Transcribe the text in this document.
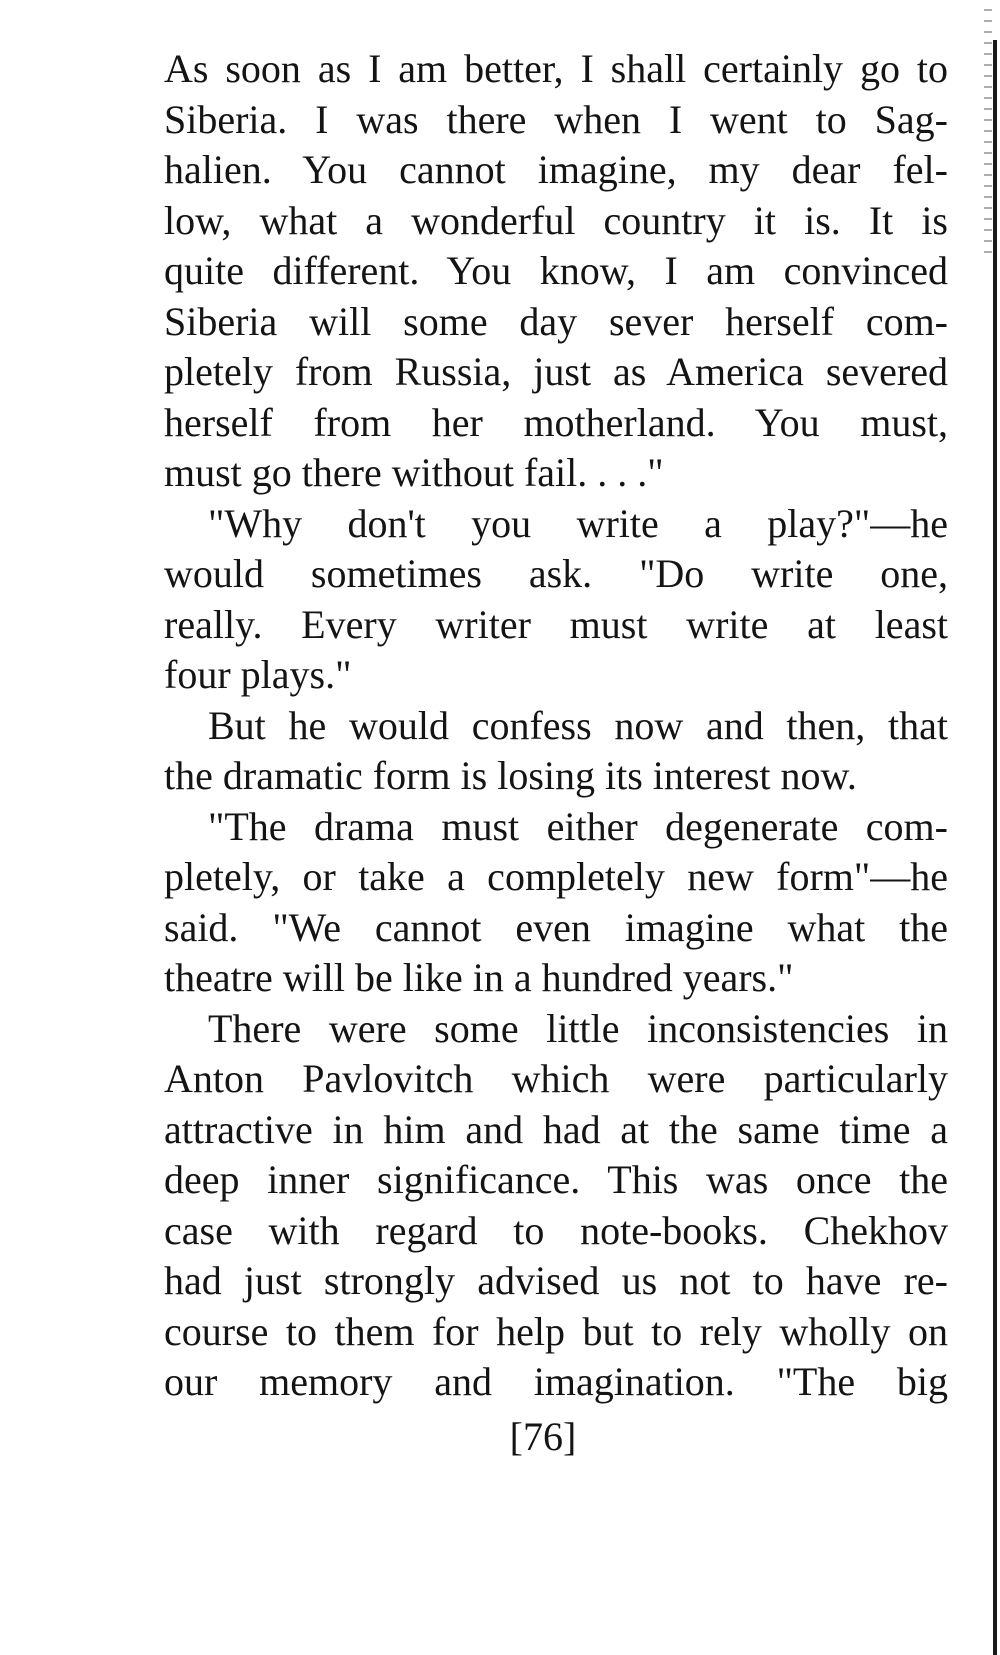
As soon as I am better, I shall certainly go to
Siberia. I was there when I went to Sag-
halien. You cannot imagine, my dear fel-
low, what a wonderful country it is. It is
quite different. You know, I am convinced
Siberia will some day sever herself com-
pletely from Russia, just as America severed
herself from her motherland. You must,
must go there without fail. . . ."
"Why don't you write a play?"—he
would sometimes ask. "Do write one,
really. Every writer must write at least
four plays."
But he would confess now and then, that
the dramatic form is losing its interest now.
"The drama must either degenerate com-
pletely, or take a completely new form"—he
said. "We cannot even imagine what the
theatre will be like in a hundred years."
There were some little inconsistencies in
Anton Pavlovitch which were particularly
attractive in him and had at the same time a
deep inner significance. This was once the
case with regard to note-books. Chekhov
had just strongly advised us not to have re-
course to them for help but to rely wholly on
our memory and imagination. "The big
[76]
